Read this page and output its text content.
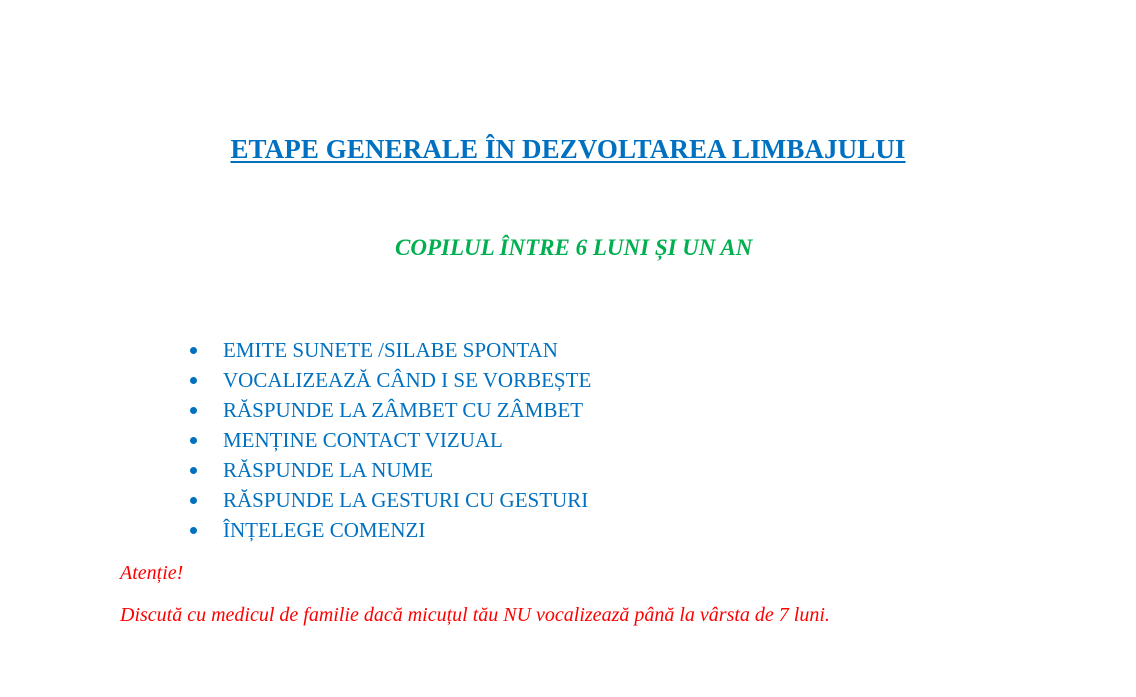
ETAPE GENERALE ÎN DEZVOLTAREA LIMBAJULUI
COPILUL ÎNTRE 6 LUNI ȘI UN AN
EMITE SUNETE /SILABE SPONTAN
VOCALIZEAZĂ CÂND I SE VORBEȘTE
RĂSPUNDE LA ZÂMBET CU ZÂMBET
MENȚINE CONTACT VIZUAL
RĂSPUNDE LA NUME
RĂSPUNDE LA GESTURI CU GESTURI
ÎNȚELEGE COMENZI

Atenție!

Discută cu medicul de familie dacă micuțul tău NU vocalizează până la vârsta de 7 luni.
